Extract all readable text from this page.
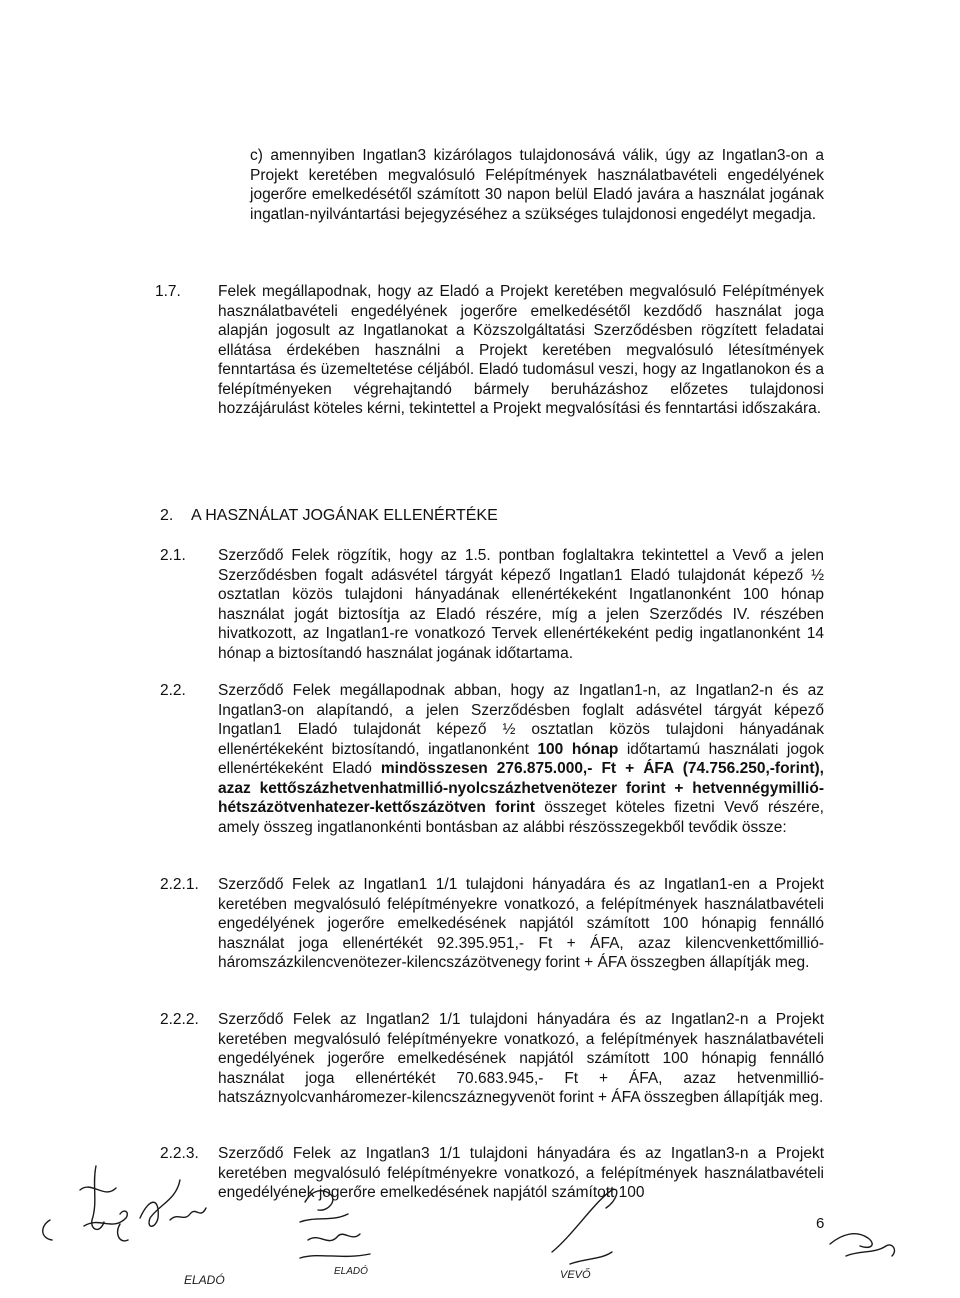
c) amennyiben Ingatlan3 kizárólagos tulajdonosává válik, úgy az Ingatlan3-on a Projekt keretében megvalósuló Felépítmények használatbavételi engedélyének jogerőre emelkedésétől számított 30 napon belül Eladó javára a használat jogának ingatlan-nyilvántartási bejegyzéséhez a szükséges tulajdonosi engedélyt megadja.
1.7. Felek megállapodnak, hogy az Eladó a Projekt keretében megvalósuló Felépítmények használatbavételi engedélyének jogerőre emelkedésétől kezdődő használat joga alapján jogosult az Ingatlanokat a Közszolgáltatási Szerződésben rögzített feladatai ellátása érdekében használni a Projekt keretében megvalósuló létesítmények fenntartása és üzemeltetése céljából. Eladó tudomásul veszi, hogy az Ingatlanokon és a felépítményeken végrehajtandó bármely beruházáshoz előzetes tulajdonosi hozzájárulást köteles kérni, tekintettel a Projekt megvalósítási és fenntartási időszakára.
2. A HASZNÁLAT JOGÁNAK ELLENÉRTÉKE
2.1. Szerződő Felek rögzítik, hogy az 1.5. pontban foglaltakra tekintettel a Vevő a jelen Szerződésben fogalt adásvétel tárgyát képező Ingatlan1 Eladó tulajdonát képező ½ osztatlan közös tulajdoni hányadának ellenértékeként Ingatlanonként 100 hónap használat jogát biztosítja az Eladó részére, míg a jelen Szerződés IV. részében hivatkozott, az Ingatlan1-re vonatkozó Tervek ellenértékeként pedig ingatlanonként 14 hónap a biztosítandó használat jogának időtartama.
2.2. Szerződő Felek megállapodnak abban, hogy az Ingatlan1-n, az Ingatlan2-n és az Ingatlan3-on alapítandó, a jelen Szerződésben foglalt adásvétel tárgyát képező Ingatlan1 Eladó tulajdonát képező ½ osztatlan közös tulajdoni hányadának ellenértékeként biztosítandó, ingatlanonként 100 hónap időtartamú használati jogok ellenértékeként Eladó mindösszesen 276.875.000,- Ft + ÁFA (74.756.250,-forint), azaz kettőszázhetvenhatmillió-nyolcszázhetvenötezer forint + hetvennégymillió-hétszázötvenhatezer-kettőszázötven forint összeget köteles fizetni Vevő részére, amely összeg ingatlanonkénti bontásban az alábbi részösszegekből tevődik össze:
2.2.1. Szerződő Felek az Ingatlan1 1/1 tulajdoni hányadára és az Ingatlan1-en a Projekt keretében megvalósuló felépítményekre vonatkozó, a felépítmények használatbavételi engedélyének jogerőre emelkedésének napjától számított 100 hónapig fennálló használat joga ellenértékét 92.395.951,- Ft + ÁFA, azaz kilencvenkettőmillió-háromszázkilencvenötezer-kilencszázötvenegy forint + ÁFA összegben állapítják meg.
2.2.2. Szerződő Felek az Ingatlan2 1/1 tulajdoni hányadára és az Ingatlan2-n a Projekt keretében megvalósuló felépítményekre vonatkozó, a felépítmények használatbavételi engedélyének jogerőre emelkedésének napjától számított 100 hónapig fennálló használat joga ellenértékét 70.683.945,- Ft + ÁFA, azaz hetvenmillió-hatszáznyolcvanháromezer-kilencszáznegyvenöt forint + ÁFA összegben állapítják meg.
2.2.3. Szerződő Felek az Ingatlan3 1/1 tulajdoni hányadára és az Ingatlan3-n a Projekt keretében megvalósuló felépítményekre vonatkozó, a felépítmények használatbavételi engedélyének jogerőre emelkedésének napjától számított 100
6
ELADÓ
ELADÓ	VEVŐ
